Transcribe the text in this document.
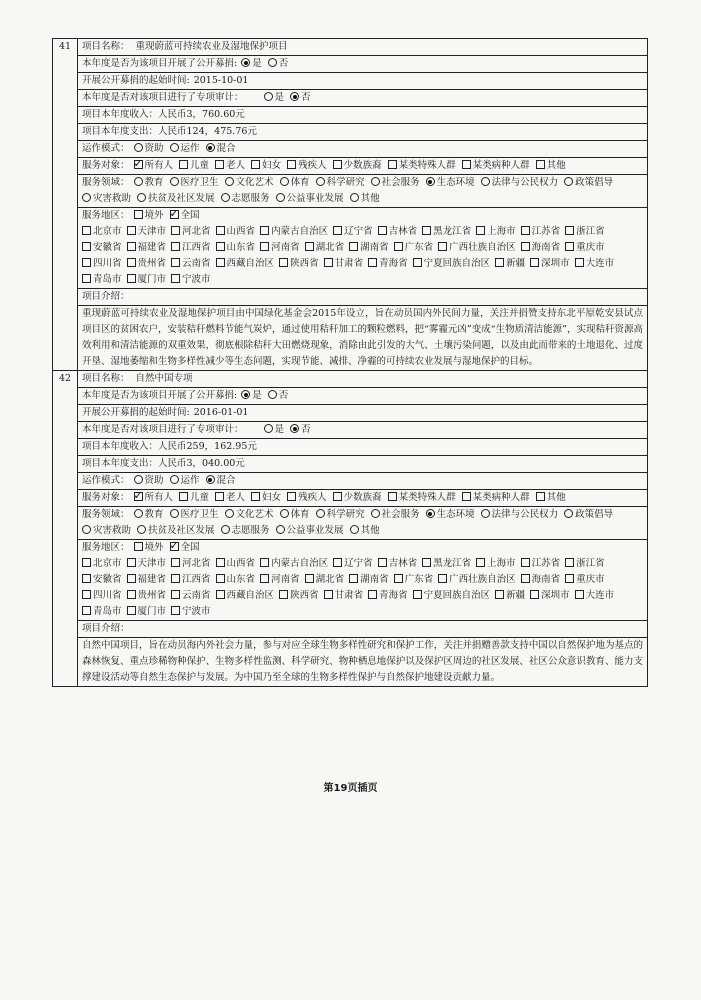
41	项目名称： 重现蔚蓝可持续农业及湿地保护项目
	本年度是否为该项目开展了公开募捐: 是 否
	开展公开募捐的起始时间: 2015-10-01
	本年度是否对该项目进行了专项审计： 是 否
	项目本年度收入：人民币3，760.60元
	项目本年度支出：人民币124，475.76元
	运作模式： 资助 运作 混合
	服务对象： ✓ 所有人 儿童 老人 妇女 残疾人 少数族裔 某类特殊人群 某类病种人群 其他
	服务领域： 教育 医疗卫生 文化艺术 体育 科学研究 社会服务 生态环境 法律与公民权力 政策倡导灾害救助 扶贫及社区发展 志愿服务 公益事业发展 其他
	服务地区： 境外 ✓ 全国
北京市 天津市 河北省 山西省 内蒙古自治区 辽宁省 吉林省 黑龙江省 上海市 江苏省 浙江省安徽省 福建省 江西省 山东省 河南省 湖北省 湖南省 广东省 广西壮族自治区 海南省 重庆市四川省 贵州省 云南省 西藏自治区 陕西省 甘肃省 青海省 宁夏回族自治区 新疆 深圳市 大连市青岛市 厦门市 宁波市

	项目介绍：
	重现蔚蓝可持续农业及湿地保护项目由中国绿化基金会2015年设立，旨在动员国内外民间力量，关注并捐赞支持东北平原乾安县试点项目区的贫困农户，安装秸秆燃料节能气炭炉，通过使用秸秆加工的颗粒燃料，把“雾霾元凶”变成“生物质清洁能源”，实现秸秆资源高效利用和清洁能源的双重效果，彻底根除秸秆大田燃烧现象，消除由此引发的大气、土壤污染问题，以及由此而带来的土地退化、过度开垦、湿地萎缩和生物多样性减少等生态问题，实现节能、减排、净霾的可持续农业发展与湿地保护的目标。
42	项目名称： 自然中国专项
	本年度是否为该项目开展了公开募捐: 是 否
	开展公开募捐的起始时间: 2016-01-01
	本年度是否对该项目进行了专项审计： 是 否
	项目本年度收入：人民币259，162.95元
	项目本年度支出：人民币3，040.00元
	运作模式： 资助 运作 混合
	服务对象： ✓ 所有人 儿童 老人 妇女 残疾人 少数族裔 某类特殊人群 某类病种人群 其他
	服务领域： 教育 医疗卫生 文化艺术 体育 科学研究 社会服务 生态环境 法律与公民权力 政策倡导灾害救助 扶贫及社区发展 志愿服务 公益事业发展 其他
	服务地区： 境外 ✓ 全国
北京市 天津市 河北省 山西省 内蒙古自治区 辽宁省 吉林省 黑龙江省 上海市 江苏省 浙江省安徽省 福建省 江西省 山东省 河南省 湖北省 湖南省 广东省 广西壮族自治区 海南省 重庆市四川省 贵州省 云南省 西藏自治区 陕西省 甘肃省 青海省 宁夏回族自治区 新疆 深圳市 大连市青岛市 厦门市 宁波市

	项目介绍：
	自然中国项目，旨在动员海内外社会力量，参与对应全球生物多样性研究和保护工作，关注并捐赠善款支持中国以自然保护地为基点的森林恢复、重点珍稀物种保护、生物多样性监测、科学研究、物种栖息地保护以及保护区周边的社区发展、社区公众意识教育、能力支撑建设活动等自然生态保护与发展。为中国乃至全球的生物多样性保护与自然保护地建设贡献力量。
第19页插页
